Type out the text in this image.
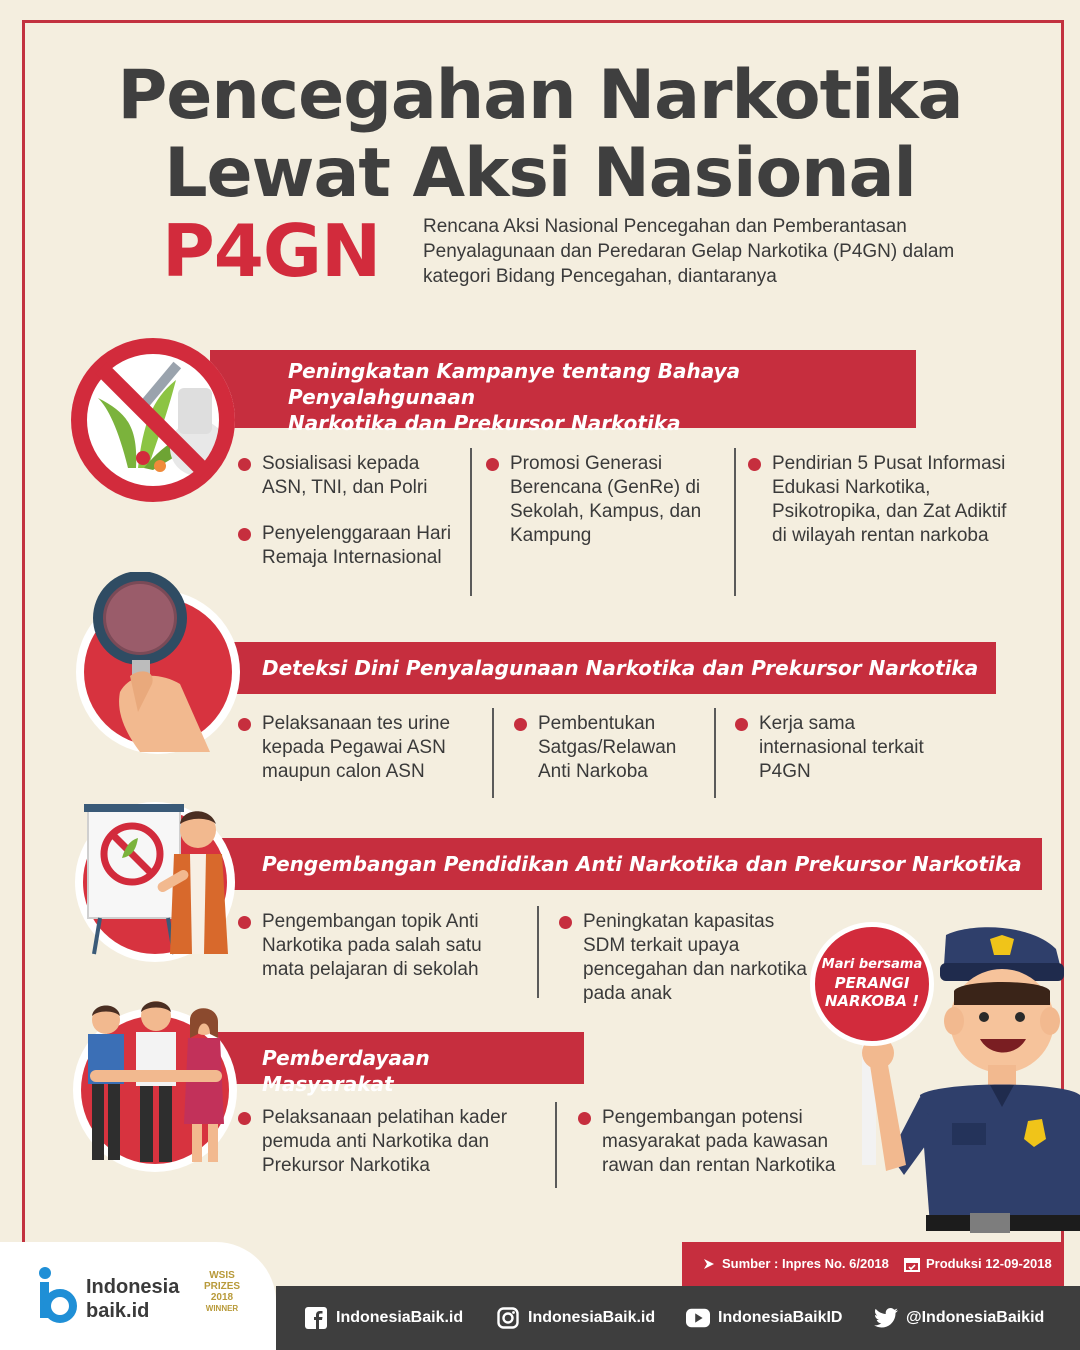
Pencegahan Narkotika
Lewat Aksi Nasional
P4GN Rencana Aksi Nasional Pencegahan dan Pemberantasan Penyalagunaan dan Peredaran Gelap Narkotika (P4GN) dalam kategori Bidang Pencegahan, diantaranya
Peningkatan Kampanye tentang Bahaya Penyalahgunaan
Narkotika dan Prekursor Narkotika
Sosialisasi kepada ASN, TNI, dan Polri
Penyelenggaraan Hari Remaja Internasional
Promosi Generasi Berencana (GenRe) di Sekolah, Kampus, dan Kampung
Pendirian 5 Pusat Informasi Edukasi Narkotika, Psikotropika, dan Zat Adiktif di wilayah rentan narkoba
Deteksi Dini Penyalagunaan Narkotika dan Prekursor Narkotika
Pelaksanaan tes urine kepada Pegawai ASN maupun calon ASN
Pembentukan Satgas/Relawan Anti Narkoba
Kerja sama internasional terkait P4GN
Pengembangan Pendidikan Anti Narkotika dan Prekursor Narkotika
Pengembangan topik Anti Narkotika pada salah satu mata pelajaran di sekolah
Peningkatan kapasitas SDM terkait upaya pencegahan dan narkotika pada anak
Pemberdayaan Masyarakat
Pelaksanaan pelatihan kader pemuda anti Narkotika dan Prekursor Narkotika
Pengembangan potensi masyarakat pada kawasan rawan dan rentan Narkotika
Mari bersama
PERANGI
NARKOBA !
Sumber : Inpres No. 6/2018	Produksi 12-09-2018
Indonesia
baik.id
WSIS
PRIZES
2018
WINNER
IndonesiaBaik.id	IndonesiaBaik.id	IndonesiaBaikID	@IndonesiaBaikid
